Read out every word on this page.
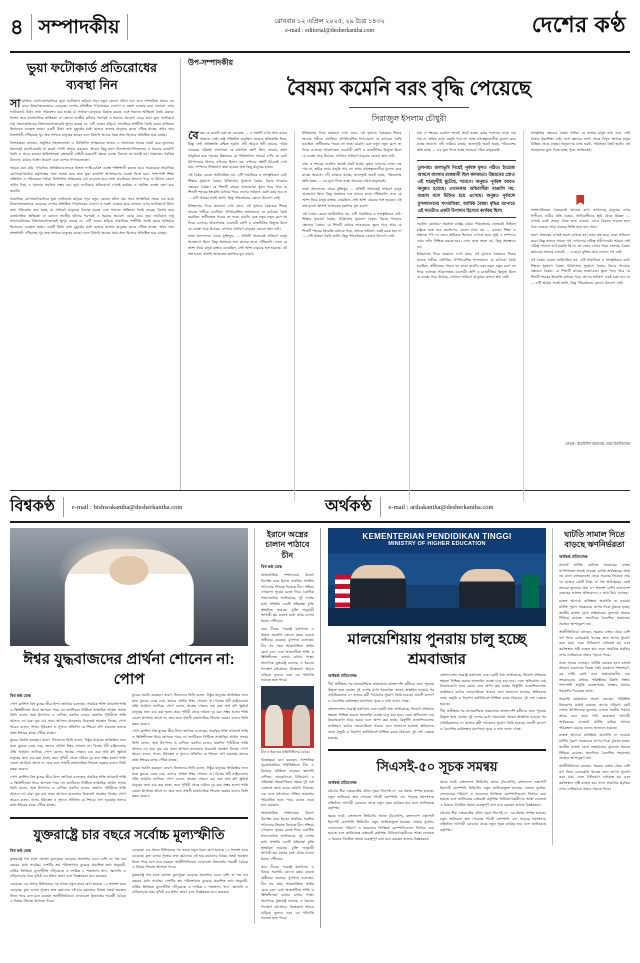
৪ সম্পাদকীয়	রোববার ১২ এপ্রিল ২০২৫, ২৯ চৈত্র ১৪৩২
e-mail : editorial@desherkantha.com	দেশের কণ্ঠ
ভুয়া ফটোকার্ড প্রতিরোধের ব্যবস্থা নিন

সামাজিক যোগাযোগমাধ্যমে ভুয়া ফটোকার্ড ছড়িয়ে পড়া নতুন কোনো ঘটনা নয়। তবে সাম্প্রতিক সময়ে এর মাত্রা উদ্বেগজনকভাবে বেড়েছে। দেশের প্রতিষ্ঠিত গণমাধ্যমের লোগো ও নকশা ব্যবহার করে বানানো এসব ফটোকার্ডে মিথ্যা তথ্য পরিবেশন করা হচ্ছে, যা সাধারণ মানুষকে বিভ্রান্ত করছে এবং সমাজে অস্থিরতা তৈরি করছে। বিশেষ করে রাজনৈতিক অস্থিরতা বা কোনো জাতীয় ঘটনার পরপরই এ ধরনের প্রচারণা বেড়ে যায়। ভুয়া ফটোকার্ড শুধু সংবাদমাধ্যমের বিশ্বাসযোগ্যতাকেই ক্ষুণ্ন করছে না, এটি গুজব ছড়িয়ে সামাজিক সম্প্রীতি বিনষ্ট করার হাতিয়ার হিসেবেও ব্যবহৃত হচ্ছে। একটি মিথ্যা তথ্য মুহূর্তের মধ্যে হাজার হাজার মানুষের কাছে পৌঁছে যাচ্ছে, অথচ তার সংশোধনী পৌঁছাচ্ছে খুব অল্প সংখ্যক মানুষের কাছে। ফলে মিথ্যাই অনেক সময় সত্য হিসেবে প্রতিষ্ঠিত হয়ে যাচ্ছে।

বিশেষজ্ঞরা বলছেন, প্রযুক্তির সহজলভ্যতা ও ডিজিটাল সাক্ষরতার অভাব এ সমস্যাকে আরও প্রকট করে তুলেছে। অনেকেই যাচাই-বাছাই না করেই পোস্ট শেয়ার করছেন। আবার কিছু মহল উদ্দেশ্যপ্রণোদিতভাবে এ ধরনের কনটেন্ট তৈরি ও প্রচার করছে। আইনশৃঙ্খলা রক্ষাকারী বাহিনী কয়েকটি ক্ষেত্রে ব্যবস্থা নিলেও তা যথেষ্ট নয়। প্রয়োজন সমন্বিত উদ্যোগ, কঠোর আইন প্রয়োগ এবং ব্যাপক গণসচেতনতা।

আমরা মনে করি, গণমাধ্যম প্রতিষ্ঠানগুলোকে নিজস্ব ফ্যাক্ট-চেকিং ব্যবস্থা শক্তিশালী করতে হবে। সরকারকে সামাজিক যোগাযোগমাধ্যম কর্তৃপক্ষের সঙ্গে সমন্বয় করে দ্রুত ভুয়া কনটেন্ট অপসারণের ব্যবস্থা নিতে হবে। পাশাপাশি শিক্ষা প্রতিষ্ঠান ও পরিবারের পর্যায়ে ডিজিটাল সাক্ষরতার চর্চা বাড়াতে হবে। তথ্য যাচাইয়ের অভ্যাস গড়ে না উঠলে কেবল আইন দিয়ে এ সমস্যার সমাধান সম্ভব নয়। ভুয়া ফটোকার্ড প্রতিরোধে এখনই কার্যকর ও সমন্বিত ব্যবস্থা গ্রহণ করা জরুরি।

সামাজিক যোগাযোগমাধ্যমে ভুয়া ফটোকার্ড ছড়িয়ে পড়া নতুন কোনো ঘটনা নয়। তবে সাম্প্রতিক সময়ে এর মাত্রা উদ্বেগজনকভাবে বেড়েছে। দেশের প্রতিষ্ঠিত গণমাধ্যমের লোগো ও নকশা ব্যবহার করে বানানো এসব ফটোকার্ডে মিথ্যা তথ্য পরিবেশন করা হচ্ছে, যা সাধারণ মানুষকে বিভ্রান্ত করছে এবং সমাজে অস্থিরতা তৈরি করছে। বিশেষ করে রাজনৈতিক অস্থিরতা বা কোনো জাতীয় ঘটনার পরপরই এ ধরনের প্রচারণা বেড়ে যায়। ভুয়া ফটোকার্ড শুধু সংবাদমাধ্যমের বিশ্বাসযোগ্যতাকেই ক্ষুণ্ন করছে না, এটি গুজব ছড়িয়ে সামাজিক সম্প্রীতি বিনষ্ট করার হাতিয়ার হিসেবেও ব্যবহৃত হচ্ছে। একটি মিথ্যা তথ্য মুহূর্তের মধ্যে হাজার হাজার মানুষের কাছে পৌঁছে যাচ্ছে, অথচ তার সংশোধনী পৌঁছাচ্ছে খুব অল্প সংখ্যক মানুষের কাছে। ফলে মিথ্যাই অনেক সময় সত্য হিসেবে প্রতিষ্ঠিত হয়ে যাচ্ছে।

উপ-সম্পাদকীয়
বৈষম্য কমেনি বরং বৃদ্ধি পেয়েছে
সিরাজুল ইসলাম চৌধুরী

বৈষম্য যে কমেনি বরং তা বেড়েছে — এ সত্যটি এখন আর কারও অজানা নেই। রাষ্ট্র প্রতিষ্ঠিত হয়েছিল সাম্যের প্রতিশ্রুতি নিয়ে, কিন্তু সেই প্রতিশ্রুতি রক্ষিত হয়নি। ধনী আরও ধনী হয়েছে, দরিদ্র থেকেছে দরিদ্রই। মাঝখানে যে মধ্যবিত্ত শ্রেণি ছিল, তারাও ক্রমশ সংকুচিত হয়ে পড়ছে। উন্নয়নের যে পরিসংখ্যান আমরা দেখি, তা মোট উৎপাদনের হিসাব; বণ্টনের হিসাব নয়। বণ্টনের প্রশ্নটি উঠলেই দেখা যায়, সম্পদের সিংহভাগ জমা হয়েছে অল্প কিছু মানুষের হাতে।

এই বৈষম্য কেবল অর্থনৈতিক নয়, এটি সামাজিক ও সাংস্কৃতিকও বটে। শিক্ষার সুযোগে বৈষম্য, চিকিৎসার সুযোগে বৈষম্য, বিচার পাওয়ার ক্ষেত্রেও বৈষম্য। যে শিশুটি গ্রামের ভাঙাচোরা স্কুলে পড়ে আর যে শিশুটি শহরের ইংরেজি মাধ্যমে পড়ে, তাদের ভবিষ্যৎ একই রকম হবে না — এটি আমরা সবাই জানি, কিন্তু পরিবর্তনের কোনো উদ্যোগ নেই।

ইতিহাসের দিকে তাকালে দেখা যাবে, এই ভূখণ্ডে বৈষম্যের শিকড় অনেক গভীরে প্রোথিত। ঔপনিবেশিক শাসনামলে যে কাঠামো তৈরি হয়েছিল, স্বাধীনতার পরেও তা ভাঙা যায়নি। বরং নতুন নতুন রূপে তা ফিরে এসেছে। আমলাতন্ত্র, ব্যবসায়ী শ্রেণি ও রাজনীতির ত্রিভুজ মিলে যে ব্যবস্থা গড়ে উঠেছে, সেখানে সাধারণ মানুষের কোনো স্থান নেই।

ভাষা আন্দোলন থেকে মুক্তিযুদ্ধ — প্রতিটি সংগ্রামেই সাধারণ মানুষ অগ্রভাগে ছিল। কিন্তু অর্জনের ফল তাদের হাতে পৌঁছায়নি। ফলে যে আশা নিয়ে মানুষ রাস্তায় নেমেছিল, সেই আশা বারবার ভঙ্গ হয়েছে। এই ভঙ্গ হওয়া আশাই আজকের হতাশার মূল কারণ।

ইতিহাসের দিকে তাকালে দেখা যাবে, এই ভূখণ্ডে বৈষম্যের শিকড় অনেক গভীরে প্রোথিত। ঔপনিবেশিক শাসনামলে যে কাঠামো তৈরি হয়েছিল, স্বাধীনতার পরেও তা ভাঙা যায়নি। বরং নতুন নতুন রূপে তা ফিরে এসেছে। আমলাতন্ত্র, ব্যবসায়ী শ্রেণি ও রাজনীতির ত্রিভুজ মিলে যে ব্যবস্থা গড়ে উঠেছে, সেখানে সাধারণ মানুষের কোনো স্থান নেই।

গ্রাম ও শহরের ব্যবধান ক্রমেই প্রকট হচ্ছে। কৃষক ফসলের ন্যায্য দাম পায় না, শ্রমিক ন্যায্য মজুরি পায় না। অথচ মধ্যস্বত্বভোগীরা মুনাফা করে যাচ্ছে অবাধে। নদী শুকিয়ে যাচ্ছে, জলাভূমি ভরাট হচ্ছে, পরিবেশের ক্ষতি হচ্ছে — এর মূল্য দিতে হচ্ছে সবচেয়ে দরিদ্র মানুষকেই।

ভাষা আন্দোলন থেকে মুক্তিযুদ্ধ — প্রতিটি সংগ্রামেই সাধারণ মানুষ অগ্রভাগে ছিল। কিন্তু অর্জনের ফল তাদের হাতে পৌঁছায়নি। ফলে যে আশা নিয়ে মানুষ রাস্তায় নেমেছিল, সেই আশা বারবার ভঙ্গ হয়েছে। এই ভঙ্গ হওয়া আশাই আজকের হতাশার মূল কারণ।

এই বৈষম্য কেবল অর্থনৈতিক নয়, এটি সামাজিক ও সাংস্কৃতিকও বটে। শিক্ষার সুযোগে বৈষম্য, চিকিৎসার সুযোগে বৈষম্য, বিচার পাওয়ার ক্ষেত্রেও বৈষম্য। যে শিশুটি গ্রামের ভাঙাচোরা স্কুলে পড়ে আর যে শিশুটি শহরের ইংরেজি মাধ্যমে পড়ে, তাদের ভবিষ্যৎ একই রকম হবে না — এটি আমরা সবাই জানি, কিন্তু পরিবর্তনের কোনো উদ্যোগ নেই।

গ্রাম ও শহরের ব্যবধান ক্রমেই প্রকট হচ্ছে। কৃষক ফসলের ন্যায্য দাম পায় না, শ্রমিক ন্যায্য মজুরি পায় না। অথচ মধ্যস্বত্বভোগীরা মুনাফা করে যাচ্ছে অবাধে। নদী শুকিয়ে যাচ্ছে, জলাভূমি ভরাট হচ্ছে, পরিবেশের ক্ষতি হচ্ছে — এর মূল্য দিতে হচ্ছে সবচেয়ে দরিদ্র মানুষকেই।

তুলনায়। জলাভূমি নিয়েই পূর্ববঙ্গ মূলত গঠিত। ইংরেজ আমলে বাংলার রাজধানী ছিল কলকাতা। উন্নয়নের স্রোত এই শহরমুখীই ছুটেছে, সবেগে। অনুন্নত পূর্ববঙ্গ আরও অনুন্নত হয়েছে। এখানকার অধিবাসীরা বাঙালি নয়, বাঙাল বলে চিহ্নিত হয়ে এসেছে। অনুন্নত পূর্ববঙ্গে মুসলমানদের সংখ্যাধিক্য; আর্থিক বৈষম্য বৃদ্ধির ব্যাপারে এই সত্যটাও একটা উপাদান হিসেবে কার্যকর ছিল।

সমাধান কোথায়? সমাধান রাষ্ট্রের চরিত্র পরিবর্তনের ভেতরেই নিহিত। রাষ্ট্রকে হতে হবে জনগণের, কেবল নামে নয় — কাজে। শিক্ষা ও স্বাস্থ্যকে পণ্য না ভেবে অধিকার হিসেবে দেখতে হবে। ভূমি ও সম্পদের ন্যায্য বণ্টন নিশ্চিত করতে হবে। এসব কাজ সহজ নয়, কিন্তু অসম্ভবও নয়।

ইতিহাসের দিকে তাকালে দেখা যাবে, এই ভূখণ্ডে বৈষম্যের শিকড় অনেক গভীরে প্রোথিত। ঔপনিবেশিক শাসনামলে যে কাঠামো তৈরি হয়েছিল, স্বাধীনতার পরেও তা ভাঙা যায়নি। বরং নতুন নতুন রূপে তা ফিরে এসেছে। আমলাতন্ত্র, ব্যবসায়ী শ্রেণি ও রাজনীতির ত্রিভুজ মিলে যে ব্যবস্থা গড়ে উঠেছে, সেখানে সাধারণ মানুষের কোনো স্থান নেই।

সাংস্কৃতিক ক্ষেত্রেও বৈষম্য গভীর। যে ভাষায় মানুষ কথা বলে, সেই ভাষায় উচ্চশিক্ষা নেই। ফলে জ্ঞানের জগৎ থেকে বিপুল সংখ্যক মানুষ বিচ্ছিন্ন থেকে যাচ্ছে। অনুবাদের কাজ হয়নি, পরিভাষা তৈরি হয়নি। এই অবহেলার মূল্য দিতে হচ্ছে পুরো জাতিকেই।

সাম্প্রদায়িকতা বৈষম্যেরই আরেক রূপ। সংখ্যালঘু মানুষের ওপর নিপীড়ন, নারীর প্রতি বৈষম্য, আদিবাসীদের ভূমি থেকে উচ্ছেদ — এসবই একই শেকড় থেকে জন্ম নেওয়া। এদের বিরুদ্ধে লড়তে হলে ঐক্য দরকার, আর ঐক্যের ভিত্তি হতে হবে সাম্য।

তরুণ প্রজন্মের ওপরই ভরসা রাখতে হয়। তারা প্রশ্ন করে, তারা প্রতিবাদ করে। কিন্তু তাদের সামনে পথ দেখানোর দায়িত্ব প্রবীণদেরই। আমরা সেই দায়িত্ব পালনে ব্যর্থ হয়েছি কি না, তা ভেবে দেখার সময় এসেছে। বৈষম্য কমানোর সংগ্রাম চলবেই — এ ছাড়া মুক্তির আর কোনো পথ নেই।

এই বৈষম্য কেবল অর্থনৈতিক নয়, এটি সামাজিক ও সাংস্কৃতিকও বটে। শিক্ষার সুযোগে বৈষম্য, চিকিৎসার সুযোগে বৈষম্য, বিচার পাওয়ার ক্ষেত্রেও বৈষম্য। যে শিশুটি গ্রামের ভাঙাচোরা স্কুলে পড়ে আর যে শিশুটি শহরের ইংরেজি মাধ্যমে পড়ে, তাদের ভবিষ্যৎ একই রকম হবে না — এটি আমরা সবাই জানি, কিন্তু পরিবর্তনের কোনো উদ্যোগ নেই।

লেখক : ইমেরিটাস অধ্যাপক, ঢাকা বিশ্ববিদ্যালয়
বিশ্বকণ্ঠ	e-mail : bishwakantha@desherkantha.com	অর্থকণ্ঠ	e-mail : arthakantha@desherkantha.com
ঈশ্বর যুদ্ধবাজদের প্রার্থনা শোনেন না: পোপ
বিশ্ব কণ্ঠ ডেস্ক

পোপ ফ্রান্সিস বিশ্ব যুদ্ধের তীব্র নিন্দা জানিয়ে বলেছেন, সামরিক শক্তি কখনোই শান্তি ও স্থিতিশীলতা নিয়ে আসতে পারে না। ভ্যাটিকান সিটিতে সাপ্তাহিক প্রার্থনা সভায় তিনি বলেন, অস্ত্র উৎপাদন ও বাণিজ্য যতদিন চলবে, ততদিন পৃথিবীতে শান্তি আসবে না। যারা যুদ্ধ চায় তারা আসলে মানবতার বিরুদ্ধেই অবস্থান নিচ্ছে। পোপ আরও বলেন, গাজা, ইউক্রেন ও সুদানে প্রতিদিন যে শিশুরা প্রাণ হারাচ্ছে তাদের কান্না ঈশ্বরের কাছে পৌঁছে যাচ্ছে।

যুদ্ধের সমর্থন করছেন। কারণ, নিজেদের তিনি বলেন, নিষ্ঠুর মানুষের স্বার্থরক্ষার জন্য যারা যুদ্ধকে বেছে নেয়, তাদের প্রার্থনা ঈশ্বর শোনেন না। বিশ্বের ধনী রাষ্ট্রগুলোর প্রতি আহ্বান জানিয়ে পোপ বলেন, অস্ত্রের পেছনে ব্যয় করা অর্থ যদি ক্ষুধার্ত মানুষের জন্য ব্যয় করা হতো, তবে পৃথিবী থেকে দারিদ্র্য দূর করা সম্ভব হতো। শান্তি কেবল প্রার্থনায় আসে না, তার জন্য সাহসী রাজনৈতিক সিদ্ধান্ত দরকার বলেও তিনি মন্তব্য করেন।

পোপ ফ্রান্সিস বিশ্ব যুদ্ধের তীব্র নিন্দা জানিয়ে বলেছেন, সামরিক শক্তি কখনোই শান্তি ও স্থিতিশীলতা নিয়ে আসতে পারে না। ভ্যাটিকান সিটিতে সাপ্তাহিক প্রার্থনা সভায় তিনি বলেন, অস্ত্র উৎপাদন ও বাণিজ্য যতদিন চলবে, ততদিন পৃথিবীতে শান্তি আসবে না। যারা যুদ্ধ চায় তারা আসলে মানবতার বিরুদ্ধেই অবস্থান নিচ্ছে। পোপ আরও বলেন, গাজা, ইউক্রেন ও সুদানে প্রতিদিন যে শিশুরা প্রাণ হারাচ্ছে তাদের কান্না ঈশ্বরের কাছে পৌঁছে যাচ্ছে।

যুদ্ধের সমর্থন করছেন। কারণ, নিজেদের তিনি বলেন, নিষ্ঠুর মানুষের স্বার্থরক্ষার জন্য যারা যুদ্ধকে বেছে নেয়, তাদের প্রার্থনা ঈশ্বর শোনেন না। বিশ্বের ধনী রাষ্ট্রগুলোর প্রতি আহ্বান জানিয়ে পোপ বলেন, অস্ত্রের পেছনে ব্যয় করা অর্থ যদি ক্ষুধার্ত মানুষের জন্য ব্যয় করা হতো, তবে পৃথিবী থেকে দারিদ্র্য দূর করা সম্ভব হতো। শান্তি কেবল প্রার্থনায় আসে না, তার জন্য সাহসী রাজনৈতিক সিদ্ধান্ত দরকার বলেও তিনি মন্তব্য করেন।

পোপ ফ্রান্সিস বিশ্ব যুদ্ধের তীব্র নিন্দা জানিয়ে বলেছেন, সামরিক শক্তি কখনোই শান্তি ও স্থিতিশীলতা নিয়ে আসতে পারে না। ভ্যাটিকান সিটিতে সাপ্তাহিক প্রার্থনা সভায় তিনি বলেন, অস্ত্র উৎপাদন ও বাণিজ্য যতদিন চলবে, ততদিন পৃথিবীতে শান্তি আসবে না। যারা যুদ্ধ চায় তারা আসলে মানবতার বিরুদ্ধেই অবস্থান নিচ্ছে। পোপ আরও বলেন, গাজা, ইউক্রেন ও সুদানে প্রতিদিন যে শিশুরা প্রাণ হারাচ্ছে তাদের কান্না ঈশ্বরের কাছে পৌঁছে যাচ্ছে।

যুদ্ধের সমর্থন করছেন। কারণ, নিজেদের তিনি বলেন, নিষ্ঠুর মানুষের স্বার্থরক্ষার জন্য যারা যুদ্ধকে বেছে নেয়, তাদের প্রার্থনা ঈশ্বর শোনেন না। বিশ্বের ধনী রাষ্ট্রগুলোর প্রতি আহ্বান জানিয়ে পোপ বলেন, অস্ত্রের পেছনে ব্যয় করা অর্থ যদি ক্ষুধার্ত মানুষের জন্য ব্যয় করা হতো, তবে পৃথিবী থেকে দারিদ্র্য দূর করা সম্ভব হতো। শান্তি কেবল প্রার্থনায় আসে না, তার জন্য সাহসী রাজনৈতিক সিদ্ধান্ত দরকার বলেও তিনি মন্তব্য করেন।

যুক্তরাষ্ট্রে চার বছরে সর্বোচ্চ মূল্যস্ফীতি
বিশ্ব কণ্ঠ ডেস্ক

যুক্তরাষ্ট্রে গত মাসে ভোক্তা মূল্যসূচক বেড়েছে প্রত্যাশার চেয়ে বেশি, যা গত চার বছরের মধ্যে সর্বোচ্চ। দেশটির শ্রম পরিসংখ্যান ব্যুরোর প্রকাশিত তথ্য অনুযায়ী, বার্ষিক ভিত্তিতে মূল্যস্ফীতি দাঁড়িয়েছে ৩ দশমিক ৮ শতাংশে। খাদ্য, জ্বালানি ও বাড়িভাড়ার খরচ বৃদ্ধিই এর প্রধান কারণ বলে বিশ্লেষকরা মনে করছেন।

বেড়েছে। এর প্রভাব মিলিয়নের পর তাতে নতুন মাত্রা যোগ হয়েছে ১২ শতাংশ হারে বেড়েছে। মূল্য ডলার সুদহার দ্রুত কমানোর এই হার কমানোর বিষয়ে সতর্ক অবস্থান নিতে পারে বলে মনে করছেন অর্থনীতিবিদরা। ফেডারেল রিজার্ভের পরবর্তী বৈঠকে এ বিষয়ে সিদ্ধান্ত আসতে পারে।

বেড়েছে। এর প্রভাব মিলিয়নের পর তাতে নতুন মাত্রা যোগ হয়েছে ১২ শতাংশ হারে বেড়েছে। মূল্য ডলার সুদহার দ্রুত কমানোর এই হার কমানোর বিষয়ে সতর্ক অবস্থান নিতে পারে বলে মনে করছেন অর্থনীতিবিদরা। ফেডারেল রিজার্ভের পরবর্তী বৈঠকে এ বিষয়ে সিদ্ধান্ত আসতে পারে।

যুক্তরাষ্ট্রে গত মাসে ভোক্তা মূল্যসূচক বেড়েছে প্রত্যাশার চেয়ে বেশি, যা গত চার বছরের মধ্যে সর্বোচ্চ। দেশটির শ্রম পরিসংখ্যান ব্যুরোর প্রকাশিত তথ্য অনুযায়ী, বার্ষিক ভিত্তিতে মূল্যস্ফীতি দাঁড়িয়েছে ৩ দশমিক ৮ শতাংশে। খাদ্য, জ্বালানি ও বাড়িভাড়ার খরচ বৃদ্ধিই এর প্রধান কারণ বলে বিশ্লেষকরা মনে করছেন।

ইরানে অস্ত্রের চালান পাঠাবে চীন
বিশ্ব কণ্ঠ ডেস্ক

আন্তর্জাতিক সম্প্রদায়ের উদ্বেগ উপেক্ষা করে ইরানে সামরিক সরঞ্জাম পাঠানোর সিদ্ধান্ত নিয়েছে চীন। পশ্চিমা গোয়েন্দা সূত্রের বরাত দিয়ে একাধিক সংবাদমাধ্যম জানিয়েছে, দুই দেশের মধ্যে সম্প্রতি একটি প্রতিরক্ষা চুক্তি স্বাক্ষরিত হয়েছে। চুক্তি অনুযায়ী আগামী ছয় মাসের মধ্যে প্রথম চালান ইরানে পৌঁছাবে।

তবে চীনের পররাষ্ট্র মন্ত্রণালয় এ বিষয়ে সরাসরি কোনো মন্তব্য করতে অস্বীকার করেছে। মুখপাত্র বলেছেন, চীন সব সময় আন্তর্জাতিক আইন মেনে চলে এবং অঞ্চলটিতে শান্তি ও স্থিতিশীলতা বজায় রাখার পক্ষে। অন্যদিকে যুক্তরাষ্ট্র বলেছে, এ ধরনের পদক্ষেপ মধ্যপ্রাচ্যে উত্তেজনা আরও বাড়িয়ে তুলবে এবং এর পরিণতি ভয়াবহ হতে পারে।

চীন ও ইরানের প্রতিনিধিদের বৈঠক।

বিশ্লেষকরা মনে করছেন, সাম্প্রতিক ভূরাজনৈতিক পরিস্থিতিতে চীন ও ইরানের ঘনিষ্ঠতা বাড়ছে। জ্বালানি বাণিজ্য, অবকাঠামো বিনিয়োগ ও প্রতিরক্ষা সহযোগিতার ক্ষেত্রে দুই দেশ একসঙ্গে কাজ করার ঘোষণা দিয়েছে। এর ফলে মধ্যপ্রাচ্যে শক্তির ভারসাম্য পরিবর্তিত হতে পারে বলেও তারা মনে করছেন।

আন্তর্জাতিক সম্প্রদায়ের উদ্বেগ উপেক্ষা করে ইরানে সামরিক সরঞ্জাম পাঠানোর সিদ্ধান্ত নিয়েছে চীন। পশ্চিমা গোয়েন্দা সূত্রের বরাত দিয়ে একাধিক সংবাদমাধ্যম জানিয়েছে, দুই দেশের মধ্যে সম্প্রতি একটি প্রতিরক্ষা চুক্তি স্বাক্ষরিত হয়েছে। চুক্তি অনুযায়ী আগামী ছয় মাসের মধ্যে প্রথম চালান ইরানে পৌঁছাবে।

তবে চীনের পররাষ্ট্র মন্ত্রণালয় এ বিষয়ে সরাসরি কোনো মন্তব্য করতে অস্বীকার করেছে। মুখপাত্র বলেছেন, চীন সব সময় আন্তর্জাতিক আইন মেনে চলে এবং অঞ্চলটিতে শান্তি ও স্থিতিশীলতা বজায় রাখার পক্ষে। অন্যদিকে যুক্তরাষ্ট্র বলেছে, এ ধরনের পদক্ষেপ মধ্যপ্রাচ্যে উত্তেজনা আরও বাড়িয়ে তুলবে এবং এর পরিণতি ভয়াবহ হতে পারে।

KEMENTERIAN PENDIDIKAN TINGGI
MINISTRY OF HIGHER EDUCATION
মালয়েশিয়ায় পুনরায় চালু হচ্ছে শ্রমবাজার
অর্থকণ্ঠ প্রতিবেদক

দীর্ঘ প্রতীক্ষার পর মালয়েশিয়ার শ্রমবাজার বাংলাদেশি কর্মীদের জন্য পুনরায় উন্মুক্ত হতে যাচ্ছে। দুই দেশের মধ্যে সমঝোতা স্মারক স্বাক্ষরিত হওয়ার পর প্রাথমিকভাবে ৫০ হাজার কর্মী পাঠানোর সুযোগ তৈরি হয়েছে। প্রবাসী কল্যাণ ও বৈদেশিক কর্মসংস্থান মন্ত্রণালয় সূত্রে এ তথ্য জানা গেছে।

বাংলাদেশের পররাষ্ট্র মন্ত্রণালয় এবং একটি তথ্য জানিয়েছে, নিয়োগ প্রক্রিয়ায় স্বচ্ছতা নিশ্চিত করতে অনলাইন ব্যবস্থা চালু করা হবে। এতে অভিবাসন ব্যয় উল্লেখযোগ্য হারে কমবে বলে আশা করা হচ্ছে। রিক্রুটিং এজেন্সিগুলোর কার্যক্রমও কঠোর নজরদারিতে থাকবে বলে জানানো হয়েছে। শ্রমিকদের ন্যায্য মজুরি ও নিরাপদ কর্মপরিবেশ নিশ্চিত করার বিষয়েও দুই দেশ একমত হয়েছে।

বাংলাদেশের পররাষ্ট্র মন্ত্রণালয় এবং একটি তথ্য জানিয়েছে, নিয়োগ প্রক্রিয়ায় স্বচ্ছতা নিশ্চিত করতে অনলাইন ব্যবস্থা চালু করা হবে। এতে অভিবাসন ব্যয় উল্লেখযোগ্য হারে কমবে বলে আশা করা হচ্ছে। রিক্রুটিং এজেন্সিগুলোর কার্যক্রমও কঠোর নজরদারিতে থাকবে বলে জানানো হয়েছে। শ্রমিকদের ন্যায্য মজুরি ও নিরাপদ কর্মপরিবেশ নিশ্চিত করার বিষয়েও দুই দেশ একমত হয়েছে।

দীর্ঘ প্রতীক্ষার পর মালয়েশিয়ার শ্রমবাজার বাংলাদেশি কর্মীদের জন্য পুনরায় উন্মুক্ত হতে যাচ্ছে। দুই দেশের মধ্যে সমঝোতা স্মারক স্বাক্ষরিত হওয়ার পর প্রাথমিকভাবে ৫০ হাজার কর্মী পাঠানোর সুযোগ তৈরি হয়েছে। প্রবাসী কল্যাণ ও বৈদেশিক কর্মসংস্থান মন্ত্রণালয় সূত্রে এ তথ্য জানা গেছে।

সিএসই-৫০ সূচক সমন্বয়
অর্থকণ্ঠ প্রতিবেদক

চট্টগ্রাম স্টক এক্সচেঞ্জের প্রধান সূচক সিএসই-৫০ এর সমন্বয় সম্পন্ন হয়েছে। নতুন তালিকায় স্থান পেয়েছে পাঁচটি কোম্পানি, বাদ পড়েছে সমসংখ্যক প্রতিষ্ঠান। আগামী রোববার থেকে নতুন সূচক কার্যকর হবে বলে জানিয়েছে কর্তৃপক্ষ।

স্কয়ার ফার্মা, বাংলাদেশ লিমিটেড অ্যান্ড (বিএসসি), বাংলাদেশ এক্সপোর্ট ইমপোর্ট কোম্পানি লিমিটেড নতুন তালিকাভুক্ত হয়েছে। বাজার মূলধন, লেনদেনের পরিমাণ ও তারল্যের ভিত্তিতে কোম্পানিগুলো নির্বাচন করা হয়েছে বলে জানিয়েছে এক্সচেঞ্জ কর্তৃপক্ষ। বিনিয়োগকারীদের আস্থা ফেরাতে এ ধরনের নিয়মিত সমন্বয় গুরুত্বপূর্ণ বলে মনে করছেন বাজার বিশ্লেষকরা।

স্কয়ার ফার্মা, বাংলাদেশ লিমিটেড অ্যান্ড (বিএসসি), বাংলাদেশ এক্সপোর্ট ইমপোর্ট কোম্পানি লিমিটেড নতুন তালিকাভুক্ত হয়েছে। বাজার মূলধন, লেনদেনের পরিমাণ ও তারল্যের ভিত্তিতে কোম্পানিগুলো নির্বাচন করা হয়েছে বলে জানিয়েছে এক্সচেঞ্জ কর্তৃপক্ষ। বিনিয়োগকারীদের আস্থা ফেরাতে এ ধরনের নিয়মিত সমন্বয় গুরুত্বপূর্ণ বলে মনে করছেন বাজার বিশ্লেষকরা।

চট্টগ্রাম স্টক এক্সচেঞ্জের প্রধান সূচক সিএসই-৫০ এর সমন্বয় সম্পন্ন হয়েছে। নতুন তালিকায় স্থান পেয়েছে পাঁচটি কোম্পানি, বাদ পড়েছে সমসংখ্যক প্রতিষ্ঠান। আগামী রোববার থেকে নতুন সূচক কার্যকর হবে বলে জানিয়েছে কর্তৃপক্ষ।

ঘাটতি সামাল দিতে বাড়ছে ঋণনির্ভরতা
অর্থকণ্ঠ প্রতিবেদক

বাজেট ঘাটতি মেটাতে সরকারের ব্যাংক ঋণনির্ভরতা ক্রমেই বাড়ছে। চলতি অর্থবছরের প্রথম নয় মাসে ব্যাংকব্যবস্থা থেকে সরকার নিয়েছে প্রায় ৭৮ হাজার কোটি টাকা, যা গত অর্থবছরের একই সময়ের তুলনায় প্রায় ৪০ শতাংশ বেশি। বাংলাদেশ ব্যাংকের সর্বশেষ প্রতিবেদনে এ তথ্য উঠে এসেছে।

রাজস্ব আদায়ে কাঙ্ক্ষিত অগ্রগতি না হওয়ায় ঘাটতি পূরণে সরকারকে ঋণের দিকে ঝুঁকতে হচ্ছে। জাতীয় রাজস্ব বোর্ড লক্ষ্যমাত্রার তুলনায় অনেক পিছিয়ে রয়েছে। অন্যদিকে বৈদেশিক সহায়তার প্রবাহও আশানুরূপ নয়।

অর্থনীতিবিদরা বলছেন, সরকার ব্যাংক থেকে বেশি ঋণ নিলে বেসরকারি খাতের জন্য ঋণের সুযোগ কমে যায়। এতে বিনিয়োগ বাধাগ্রস্ত হয় এবং কর্মসংস্থান সৃষ্টি ব্যাহত হয়। ফলে সামগ্রিক প্রবৃদ্ধির ওপর নেতিবাচক প্রভাব পড়তে পারে।

তারা আরও বলছেন, ঘাটতি কমাতে হলে রাজস্ব আহরণ বাড়ানোর বিকল্প নেই। করজাল সম্প্রসারণ, কর ফাঁকি রোধ এবং অপ্রয়োজনীয় ব্যয় সংকোচনের মাধ্যমে পরিস্থিতির উন্নতি সম্ভব। পাশাপাশি ভর্তুকি ব্যবস্থাপনায় সংস্কার আনার পরামর্শও দিয়েছেন তারা।

সরকারি কর্মকর্তারা অবশ্য বলছেন, পরিস্থিতি নিয়ন্ত্রণের মধ্যেই রয়েছে। ঋণের পরিমাণ মোট দেশজ উৎপাদনের তুলনায় এখনো সহনীয় পর্যায়ে আছে বলে তারা দাবি করেছেন। আগামী অর্থবছরের বাজেটে ঘাটতি কমিয়ে আনার পরিকল্পনা রয়েছে বলেও জানানো হয়েছে।

রাজস্ব আদায়ে কাঙ্ক্ষিত অগ্রগতি না হওয়ায় ঘাটতি পূরণে সরকারকে ঋণের দিকে ঝুঁকতে হচ্ছে। জাতীয় রাজস্ব বোর্ড লক্ষ্যমাত্রার তুলনায় অনেক পিছিয়ে রয়েছে। অন্যদিকে বৈদেশিক সহায়তার প্রবাহও আশানুরূপ নয়।

অর্থনীতিবিদরা বলছেন, সরকার ব্যাংক থেকে বেশি ঋণ নিলে বেসরকারি খাতের জন্য ঋণের সুযোগ কমে যায়। এতে বিনিয়োগ বাধাগ্রস্ত হয় এবং কর্মসংস্থান সৃষ্টি ব্যাহত হয়। ফলে সামগ্রিক প্রবৃদ্ধির ওপর নেতিবাচক প্রভাব পড়তে পারে।
